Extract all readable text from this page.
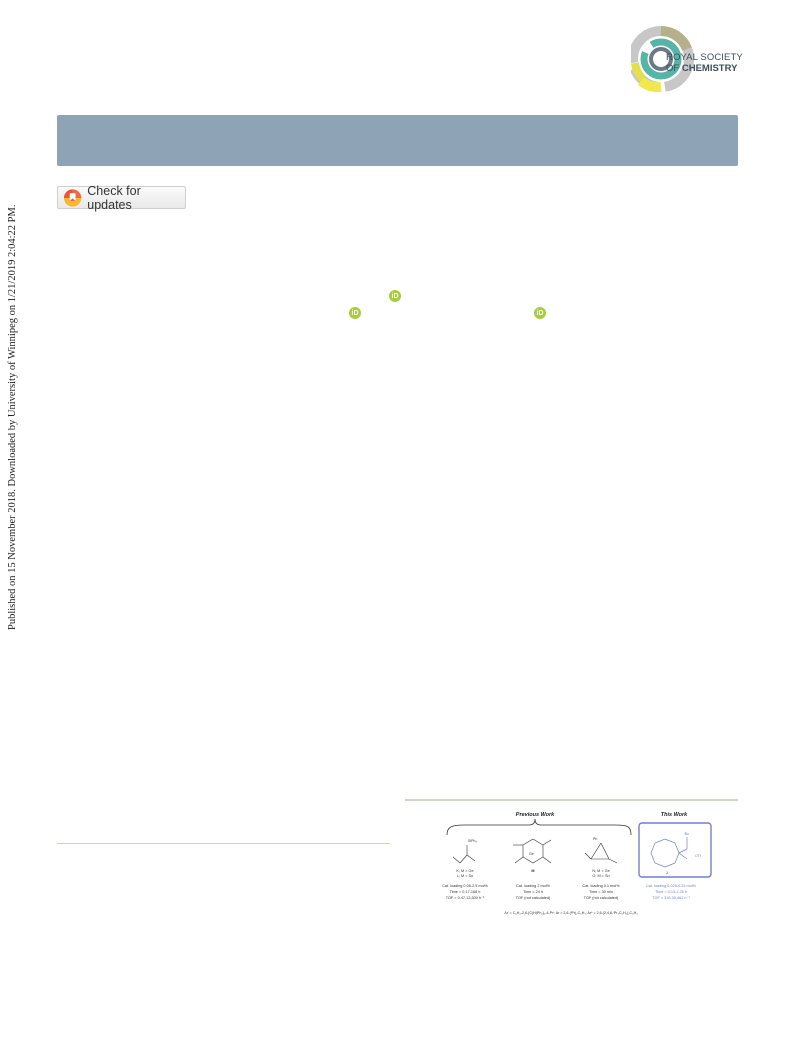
ROYAL SOCIETY
OF CHEMISTRY
Check for updates
Published on 15 November 2018. Downloaded by University of Winnipeg on 1/21/2019 2:04:22 PM.	iD
iD	iD
Previous Work	This Work
SiPh₃
Ge
Ph
ᵗBu
OTf
2
K; M = Ge
L; M = Sn
M	N; M = Ge
O; M = Sn
Cat. loading 0.05-2.5 mol%
Time = 0.17-168 h
TOF = 0.47-13,300 h⁻¹
Cat. loading 2 mol%
Time = 24 h
TOF (not calculated)
Cat. loading 0.1 mol%
Time = 30 min
TOF (not calculated)
Cat. loading 0.025-0.25 mol%
Time = 0.13-1.25 h
TOF = 316-30,461 h⁻¹
Ar' = C₆H₂-2,6-{C(H)Ph₂}₂-4-Prⁱ; Ar = 2,6-(ⁱPr)₂C₆H₃; Ar* = 2,6-(2,4,6-ⁱPr₃C₆H₂)₂C₆H₃
